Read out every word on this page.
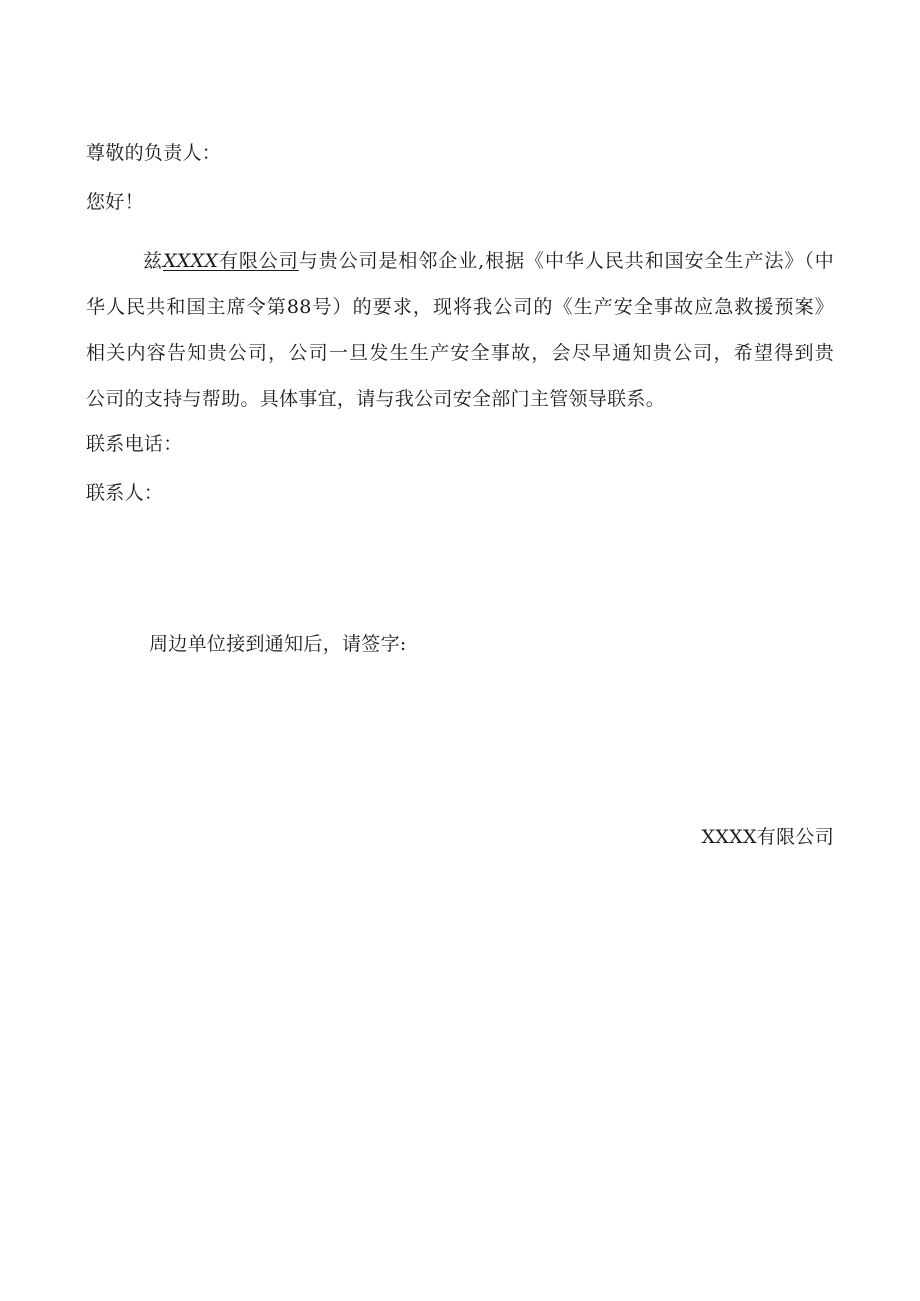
尊敬的负责人：
您好！
兹XXXX有限公司与贵公司是相邻企业,根据《中华人民共和国安全生产法》（中
华人民共和国主席令第88号）的要求，现将我公司的《生产安全事故应急救援预案》
相关内容告知贵公司，公司一旦发生生产安全事故，会尽早通知贵公司，希望得到贵
公司的支持与帮助。具体事宜，请与我公司安全部门主管领导联系。
联系电话：
联系人：
周边单位接到通知后，请签字:
XXXX有限公司
